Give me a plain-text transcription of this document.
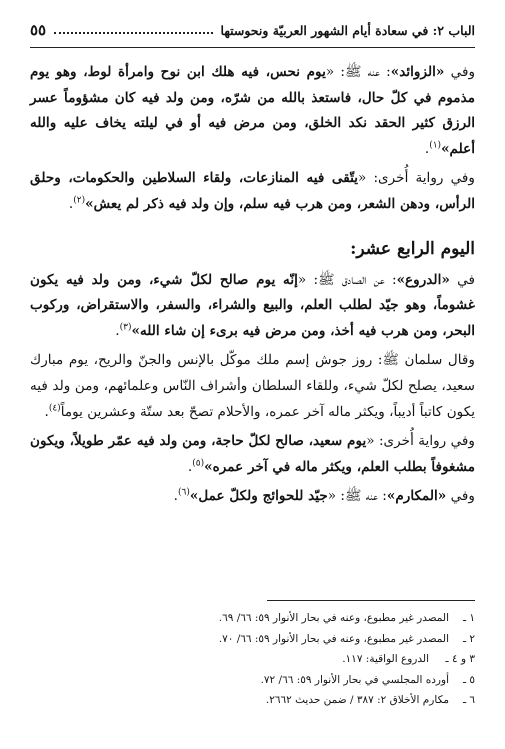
الباب ٢: في سعادة أيام الشهور العربيّة ونحوستها
٥٥

وفي «الزوائد»: عنه ﷺ: «يوم نحس، فيه هلك ابن نوح وامرأة لوط، وهو يوم مذموم في كلّ حال، فاستعذ بالله من شرّه، ومن ولد فيه كان مشؤوماً عسر الرزق كثير الحقد نكد الخلق، ومن مرض فيه أو في ليلته يخاف عليه والله أعلم»$^{(١)}$.

وفي رواية أُخرى: «يتّقى فيه المنازعات، ولقاء السلاطين والحكومات، وحلق الرأس، ودهن الشعر، ومن هرب فيه سلم، وإن ولد فيه ذكر لم يعش»$^{(٢)}$.

اليوم الرابع عشر:

في «الدروع»: عن الصادق ﷺ: «إنّه يوم صالح لكلّ شيء، ومن ولد فيه يكون غشوماً، وهو جيّد لطلب العلم، والبيع والشراء، والسفر، والاستقراض، وركوب البحر، ومن هرب فيه أخذ، ومن مرض فيه برىء إن شاء الله»$^{(٣)}$.

وقال سلمان ﷺ: روز جوش إسم ملك موكّل بالإنس والجنّ والريح، يوم مبارك سعيد، يصلح لكلّ شيء، وللقاء السلطان وأشراف النّاس وعلمائهم، ومن ولد فيه يكون كاتباً أديباً، ويكثر ماله آخر عمره، والأحلام تصحّ بعد ستّة وعشرين يوماً$^{(٤)}$.

وفي رواية أُخرى: «يوم سعيد، صالح لكلّ حاجة، ومن ولد فيه عمّر طويلاً، ويكون مشغوفاً بطلب العلم، ويكثر ماله في آخر عمره»$^{(٥)}$.

وفي «المكارم»: عنه ﷺ: «جيّد للحوائج ولكلّ عمل»$^{(٦)}$.

١ ـ
المصدر غير مطبوع، وعنه في بحار الأنوار ٥٩: ٦٦/ ٦٩.
٢ ـ
المصدر غير مطبوع، وعنه في بحار الأنوار ٥٩: ٦٦/ ٧٠.
٣ و ٤ ـ
الدروع الواقية: ١١٧.
٥ ـ
أورده المجلسي في بحار الأنوار ٥٩: ٦٦/ ٧٢.
٦ ـ
مكارم الأخلاق ٢: ٣٨٧ / ضمن حديث ٢٦٦٢.
